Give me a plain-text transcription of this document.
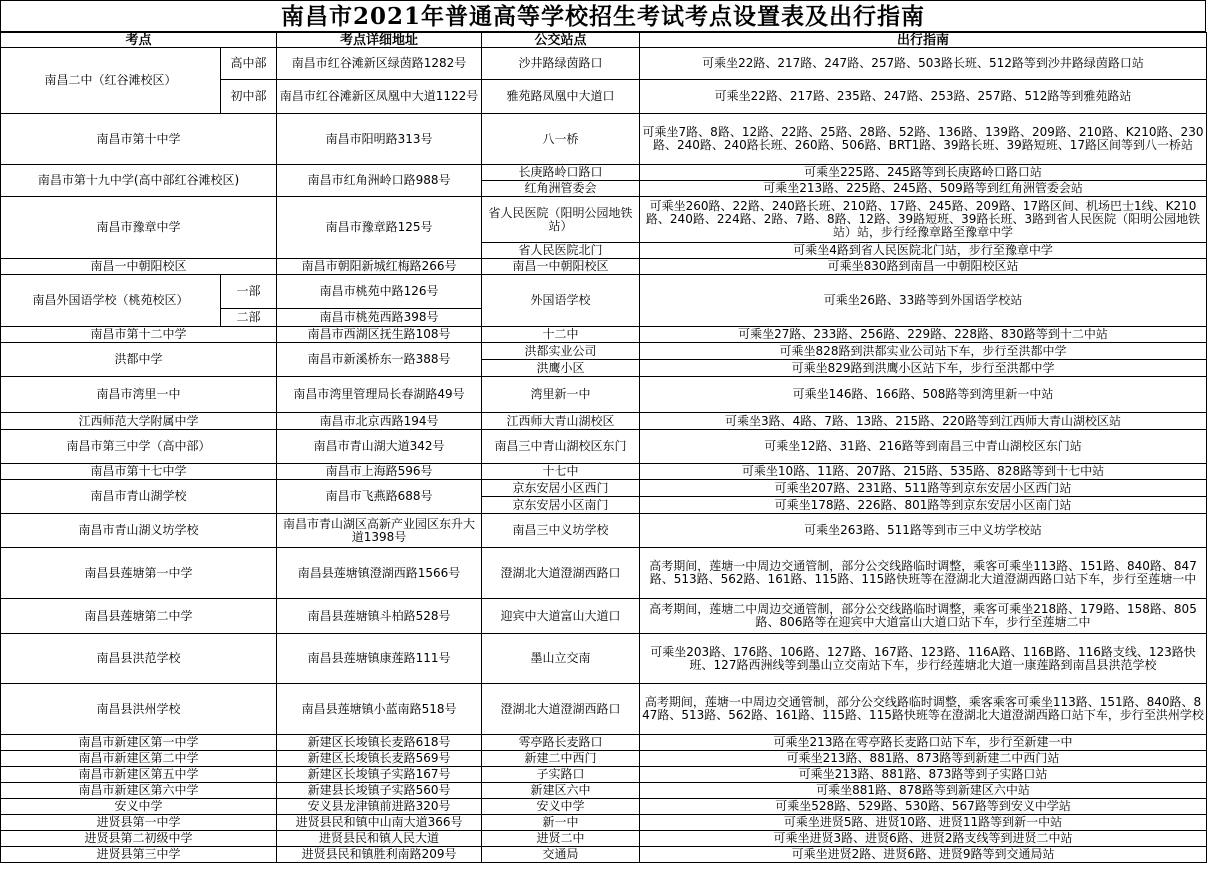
南昌市2021年普通高等学校招生考试考点设置表及出行指南
考点		考点详细地址	公交站点	出行指南
南昌二中（红谷滩校区）	高中部	南昌市红谷滩新区绿茵路1282号	沙井路绿茵路口	可乘坐22路、217路、247路、257路、503路长班、512路等到沙井路绿茵路口站
	初中部	南昌市红谷滩新区凤凰中大道1122号	雅苑路凤凰中大道口	可乘坐22路、217路、235路、247路、253路、257路、512路等到雅苑路站
南昌市第十中学		南昌市阳明路313号	八一桥	可乘坐7路、8路、12路、22路、25路、28路、52路、136路、139路、209路、210路、K210路、230路、240路、240路长班、260路、506路、BRT1路、39路长班、39路短班、17路区间等到八一桥站
南昌市第十九中学(高中部红谷滩校区)		南昌市红角洲岭口路988号	长庚路岭口路口	可乘坐225路、245路等到长庚路岭口路口站
			红角洲管委会	可乘坐213路、225路、245路、509路等到红角洲管委会站
南昌市豫章中学		南昌市豫章路125号	省人民医院（阳明公园地铁站）	可乘坐260路、22路、240路长班、210路、17路、245路、209路、17路区间、机场巴士1线、K210路、240路、224路、2路、7路、8路、12路、39路短班、39路长班、3路到省人民医院（阳明公园地铁站）站，步行经豫章路至豫章中学
			省人民医院北门	可乘坐4路到省人民医院北门站，步行至豫章中学
南昌一中朝阳校区		南昌市朝阳新城红梅路266号	南昌一中朝阳校区	可乘坐830路到南昌一中朝阳校区站
南昌外国语学校（桃苑校区）	一部	南昌市桃苑中路126号	外国语学校	可乘坐26路、33路等到外国语学校站
	二部	南昌市桃苑西路398号		
南昌市第十二中学		南昌市西湖区抚生路108号	十二中	可乘坐27路、233路、256路、229路、228路、830路等到十二中站
洪都中学		南昌市新溪桥东一路388号	洪都实业公司	可乘坐828路到洪都实业公司站下车，步行至洪都中学
			洪鹰小区	可乘坐829路到洪鹰小区站下车，步行至洪都中学
南昌市湾里一中		南昌市湾里管理局长春湖路49号	湾里新一中	可乘坐146路、166路、508路等到湾里新一中站
江西师范大学附属中学		南昌市北京西路194号	江西师大青山湖校区	可乘坐3路、4路、7路、13路、215路、220路等到江西师大青山湖校区站
南昌市第三中学（高中部）		南昌市青山湖大道342号	南昌三中青山湖校区东门	可乘坐12路、31路、216路等到南昌三中青山湖校区东门站
南昌市第十七中学		南昌市上海路596号	十七中	可乘坐10路、11路、207路、215路、535路、828路等到十七中站
南昌市青山湖学校		南昌市飞燕路688号	京东安居小区西门	可乘坐207路、231路、511路等到京东安居小区西门站
			京东安居小区南门	可乘坐178路、226路、801路等到京东安居小区南门站
南昌市青山湖义坊学校		南昌市青山湖区高新产业园区东升大道1398号	南昌三中义坊学校	可乘坐263路、511路等到市三中义坊学校站
南昌县莲塘第一中学		南昌县莲塘镇澄湖西路1566号	澄湖北大道澄湖西路口	高考期间，莲塘一中周边交通管制，部分公交线路临时调整，乘客可乘坐113路、151路、840路、847路、513路、562路、161路、115路、115路快班等在澄湖北大道澄湖西路口站下车，步行至莲塘一中
南昌县莲塘第二中学		南昌县莲塘镇斗柏路528号	迎宾中大道富山大道口	高考期间，莲塘二中周边交通管制，部分公交线路临时调整，乘客可乘坐218路、179路、158路、805路、806路等在迎宾中大道富山大道口站下车，步行至莲塘二中
南昌县洪范学校		南昌县莲塘镇康莲路111号	墨山立交南	可乘坐203路、176路、106路、127路、167路、123路、116A路、116B路、116路支线、123路快班、127路西洲线等到墨山立交南站下车，步行经莲塘北大道一康莲路到南昌县洪范学校
南昌县洪州学校		南昌县莲塘镇小蓝南路518号	澄湖北大道澄湖西路口	高考期间，莲塘一中周边交通管制，部分公交线路临时调整，乘客乘客可乘坐113路、151路、840路、847路、513路、562路、161路、115路、115路快班等在澄湖北大道澄湖西路口站下车，步行至洪州学校
南昌市新建区第一中学		新建区长埈镇长麦路618号	雩亭路长麦路口	可乘坐213路在雩亭路长麦路口站下车，步行至新建一中
南昌市新建区第二中学		新建区长埈镇长麦路569号	新建二中西门	可乘坐213路、881路、873路等到新建二中西门站
南昌市新建区第五中学		新建区长埈镇子实路167号	子实路口	可乘坐213路、881路、873路等到子实路口站
南昌市新建区第六中学		新建县长埈镇子实路560号	新建区六中	可乘坐881路、878路等到新建区六中站
安义中学		安义县龙津镇前进路320号	安义中学	可乘坐528路、529路、530路、567路等到安义中学站
进贤县第一中学		进贤县民和镇中山南大道366号	新一中	可乘坐进贤5路、进贤10路、进贤11路等到新一中站
进贤县第二初级中学		进贤县民和镇人民大道	进贤二中	可乘坐进贤3路、进贤6路、进贤2路支线等到进贤二中站
进贤县第三中学		进贤县民和镇胜利南路209号	交通局	可乘坐进贤2路、进贤6路、进贤9路等到交通局站
